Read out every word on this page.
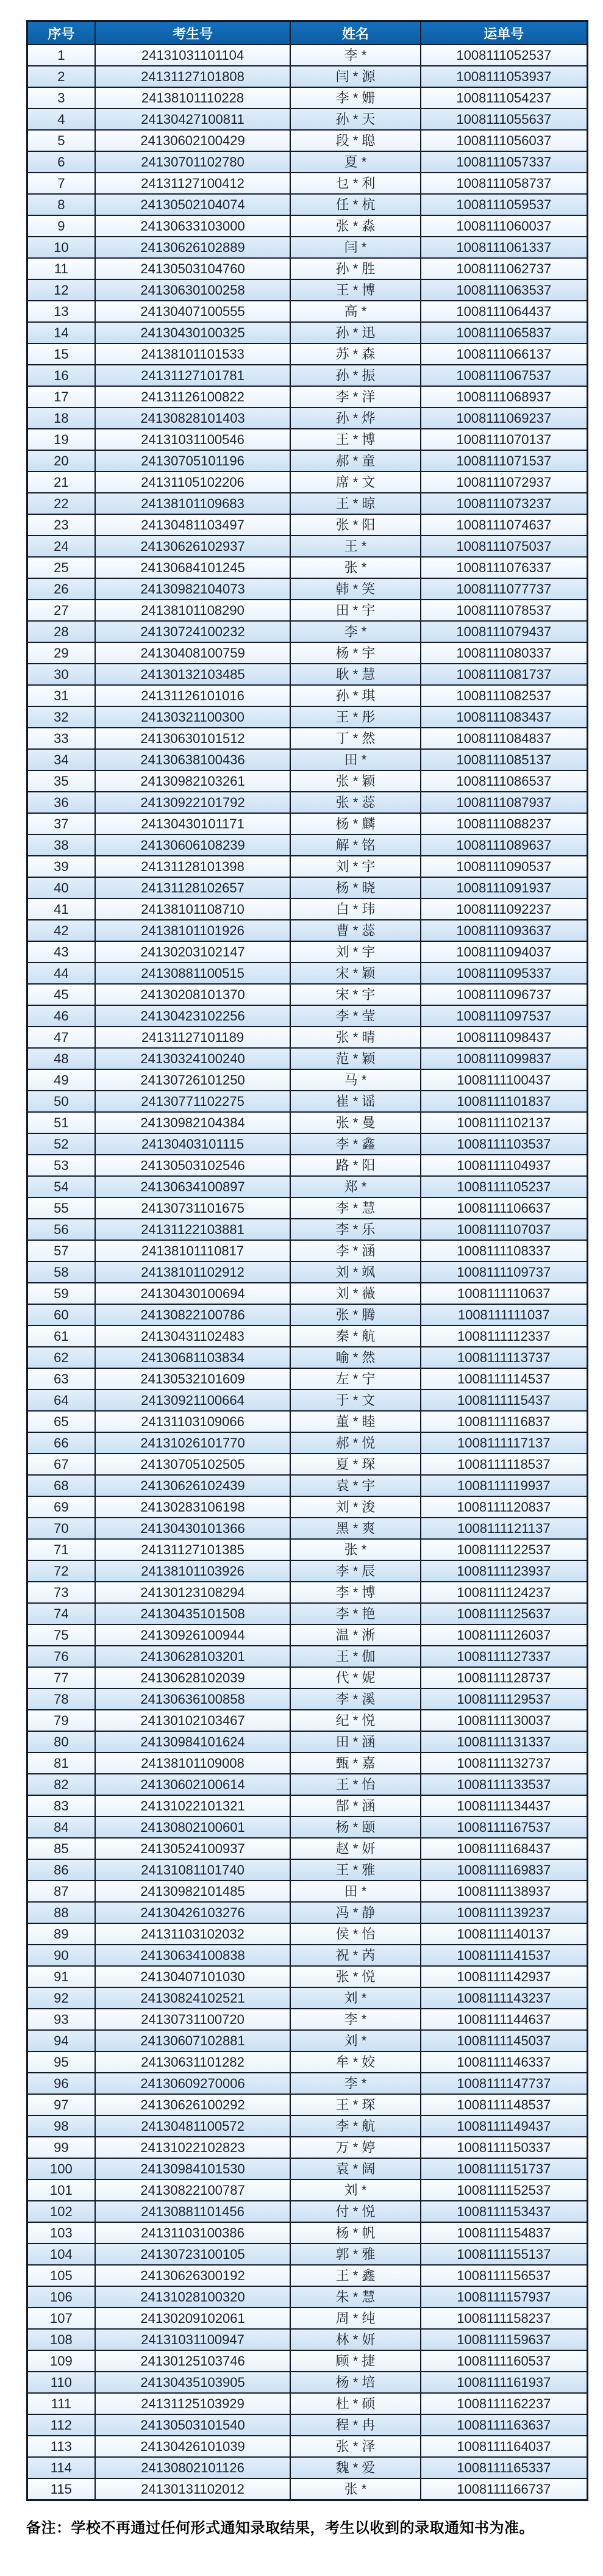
序号	考生号	姓名	运单号
1	24131031101104	李 *	1008111052537
2	24131127101808	闫 * 源	1008111053937
3	24138101110228	李 * 姗	1008111054237
4	24130427100811	孙 * 天	1008111055637
5	24130602100429	段 * 聪	1008111056037
6	24130701102780	夏 *	1008111057337
7	24131127100412	乜 * 利	1008111058737
8	24130502104074	任 * 杭	1008111059537
9	24130633103000	张 * 淼	1008111060037
10	24130626102889	闫 *	1008111061337
11	24130503104760	孙 * 胜	1008111062737
12	24130630100258	王 * 博	1008111063537
13	24130407100555	高 *	1008111064437
14	24130430100325	孙 * 迅	1008111065837
15	24138101101533	苏 * 森	1008111066137
16	24131127101781	孙 * 振	1008111067537
17	24131126100822	李 * 洋	1008111068937
18	24130828101403	孙 * 烨	1008111069237
19	24131031100546	王 * 博	1008111070137
20	24130705101196	郝 * 童	1008111071537
21	24131105102206	席 * 文	1008111072937
22	24138101109683	王 * 晾	1008111073237
23	24130481103497	张 * 阳	1008111074637
24	24130626102937	王 *	1008111075037
25	24130684101245	张 *	1008111076337
26	24130982104073	韩 * 笑	1008111077737
27	24138101108290	田 * 宇	1008111078537
28	24130724100232	李 *	1008111079437
29	24130408100759	杨 * 宇	1008111080337
30	24130132103485	耿 * 慧	1008111081737
31	24131126101016	孙 * 琪	1008111082537
32	24130321100300	王 * 彤	1008111083437
33	24130630101512	丁 * 然	1008111084837
34	24130638100436	田 *	1008111085137
35	24130982103261	张 * 颖	1008111086537
36	24130922101792	张 * 蕊	1008111087937
37	24130430101171	杨 * 麟	1008111088237
38	24130606108239	解 * 铭	1008111089637
39	24131128101398	刘 * 宇	1008111090537
40	24131128102657	杨 * 晓	1008111091937
41	24138101108710	白 * 玮	1008111092237
42	24138101101926	曹 * 蕊	1008111093637
43	24130203102147	刘 * 宇	1008111094037
44	24130881100515	宋 * 颖	1008111095337
45	24130208101370	宋 * 宇	1008111096737
46	24130423102256	李 * 莹	1008111097537
47	24131127101189	张 * 晴	1008111098437
48	24130324100240	范 * 颖	1008111099837
49	24130726101250	马 *	1008111100437
50	24130771102275	崔 * 谣	1008111101837
51	24130982104384	张 * 曼	1008111102137
52	24130403101115	李 * 鑫	1008111103537
53	24130503102546	路 * 阳	1008111104937
54	24130634100897	郑 *	1008111105237
55	24130731101675	李 * 慧	1008111106637
56	24131122103881	李 * 乐	1008111107037
57	24138101110817	李 * 涵	1008111108337
58	24138101102912	刘 * 飒	1008111109737
59	24130430100694	刘 * 薇	1008111110637
60	24130822100786	张 * 腾	1008111111037
61	24130431102483	秦 * 航	1008111112337
62	24130681103834	喻 * 然	1008111113737
63	24130532101609	左 * 宁	1008111114537
64	24130921100664	于 * 文	1008111115437
65	24131103109066	董 * 睦	1008111116837
66	24131026101770	郝 * 悦	1008111117137
67	24130705102505	夏 * 琛	1008111118537
68	24130626102439	袁 * 宇	1008111119937
69	24130283106198	刘 * 浚	1008111120837
70	24130430101366	黑 * 爽	1008111121137
71	24131127101385	张 *	1008111122537
72	24138101103926	李 * 辰	1008111123937
73	24130123108294	李 * 博	1008111124237
74	24130435101508	李 * 艳	1008111125637
75	24130926100944	温 * 淅	1008111126037
76	24130628103201	王 * 伽	1008111127337
77	24130628102039	代 * 妮	1008111128737
78	24130636100858	李 * 溪	1008111129537
79	24130102103467	纪 * 悦	1008111130037
80	24130984101624	田 * 涵	1008111131337
81	24138101109008	甄 * 嘉	1008111132737
82	24130602100614	王 * 怡	1008111133537
83	24131022101321	郜 * 涵	1008111134437
84	24130802100601	杨 * 颐	1008111167537
85	24130524100937	赵 * 妍	1008111168437
86	24131081101740	王 * 雅	1008111169837
87	24130982101485	田 *	1008111138937
88	24130426103276	冯 * 静	1008111139237
89	24131103102032	侯 * 怡	1008111140137
90	24130634100838	祝 * 芮	1008111141537
91	24130407101030	张 * 悦	1008111142937
92	24130824102521	刘 *	1008111143237
93	24130731100720	李 *	1008111144637
94	24130607102881	刘 *	1008111145037
95	24130631101282	牟 * 姣	1008111146337
96	24130609270006	李 *	1008111147737
97	24130626100292	王 * 琛	1008111148537
98	24130481100572	李 * 航	1008111149437
99	24131022102823	万 * 婷	1008111150337
100	24130984101530	袁 * 阔	1008111151737
101	24130822100787	刘 *	1008111152537
102	24130881101456	付 * 悦	1008111153437
103	24131103100386	杨 * 帆	1008111154837
104	24130723100105	郭 * 雅	1008111155137
105	24130626300192	王 * 鑫	1008111156537
106	24131028100320	朱 * 慧	1008111157937
107	24130209102061	周 * 纯	1008111158237
108	24131031100947	林 * 妍	1008111159637
109	24130125103746	顾 * 捷	1008111160537
110	24130435103905	杨 * 培	1008111161937
111	24131125103929	杜 * 硕	1008111162237
112	24130503101540	程 * 冉	1008111163637
113	24130426101039	张 * 泽	1008111164037
114	24130802101126	魏 * 爱	1008111165337
115	24130131102012	张 *	1008111166737
备注：学校不再通过任何形式通知录取结果，考生以收到的录取通知书为准。
